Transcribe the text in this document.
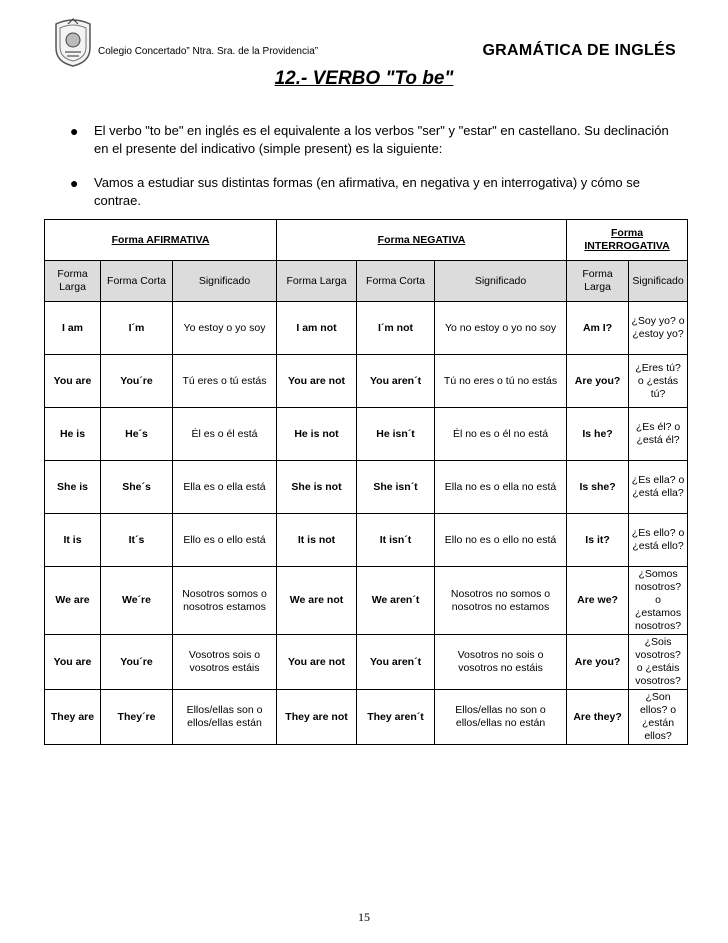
Colegio Concertado” Ntra. Sra. de la Providencia”	GRAMÁTICA DE INGLÉS
12.- VERBO "To be"
● El verbo "to be" en inglés es el equivalente a los verbos "ser" y "estar" en castellano. Su declinación en el presente del indicativo (simple present) es la siguiente:
● Vamos a estudiar sus distintas formas (en afirmativa, en negativa y en interrogativa) y cómo se contrae.
Forma AFIRMATIVA			Forma NEGATIVA			Forma INTERROGATIVA	
Forma Larga	Forma Corta	Significado	Forma Larga	Forma Corta	Significado	Forma Larga	Significado
I am	I´m	Yo estoy o yo soy	I am not	I´m not	Yo no estoy o yo no soy	Am I?	¿Soy yo? o ¿estoy yo?
You are	You´re	Tú eres o tú estás	You are not	You aren´t	Tú no eres o tú no estás	Are you?	¿Eres tú? o ¿estás tú?
He is	He´s	Él es o él está	He is not	He isn´t	Él no es o él no está	Is he?	¿Es él? o ¿está él?
She is	She´s	Ella es o ella está	She is not	She isn´t	Ella no es o ella no está	Is she?	¿Es ella? o ¿está ella?
It is	It´s	Ello es o ello está	It is not	It isn´t	Ello no es o ello no está	Is it?	¿Es ello? o ¿está ello?
We are	We´re	Nosotros somos o nosotros estamos	We are not	We aren´t	Nosotros no somos o nosotros no estamos	Are we?	¿Somos nosotros? o ¿estamos nosotros?
You are	You´re	Vosotros sois o vosotros estáis	You are not	You aren´t	Vosotros no sois o vosotros no estáis	Are you?	¿Sois vosotros? o ¿estáis vosotros?
They are	They´re	Ellos/ellas son o ellos/ellas están	They are not	They aren´t	Ellos/ellas no son o ellos/ellas no están	Are they?	¿Son ellos? o ¿están ellos?
15
